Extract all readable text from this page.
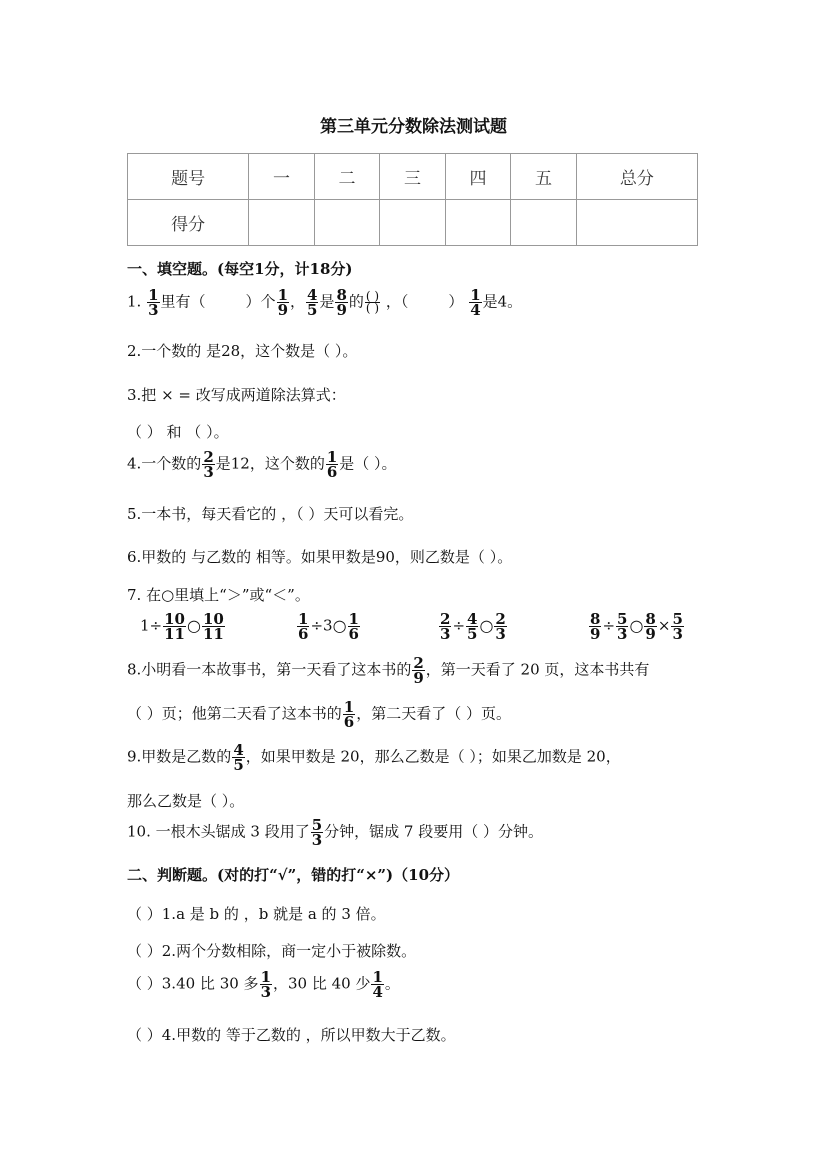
第三单元分数除法测试题
题号	一	二	三	四	五	总分
得分						
一、填空题。(每空1分，计18分)
1. $\frac{1}{3}$ 里有（	）个 $\frac{1}{9}$ ， $\frac{4}{5}$ 是 $\frac{8}{9}$ 的 $\frac{( )}{( )}$ ，（	） $\frac{1}{4}$ 是4。
2.一个数的 是28，这个数是（ ）。
3.把 × = 改写成两道除法算式：
（ ） 和 （ ）。
4.一个数的 $\frac{2}{3}$ 是12，这个数的 $\frac{1}{6}$ 是（ ）。
5.一本书，每天看它的 ，（ ）天可以看完。
6.甲数的 与乙数的 相等。如果甲数是90，则乙数是（ ）。
7. 在○里填上“＞”或“＜”。
$1\div \frac{10}{11}$ ○ $\frac{10}{11}$	$\frac{1}{6}$ ÷3○ $\frac{1}{6}$	$\frac{2}{3} \div \frac{4}{5}$ ○ $\frac{2}{3}$	$\frac{8}{9} \div \frac{5}{3}$ ○ $\frac{8}{9} \times \frac{5}{3}$
8.小明看一本故事书，第一天看了这本书的 $\frac{2}{9}$ ，第一天看了 20 页，这本书共有
（ ）页；他第二天看了这本书的 $\frac{1}{6}$ ，第二天看了（ ）页。
9.甲数是乙数的 $\frac{4}{5}$ ，如果甲数是 20，那么乙数是（ ）；如果乙加数是 20，
那么乙数是（ ）。
10. 一根木头锯成 3 段用了 $\frac{5}{3}$ 分钟，锯成 7 段要用（ ）分钟。
二、判断题。(对的打“√”，错的打“×”)（10分）
（ ）1.a 是 b 的 ，b 就是 a 的 3 倍。
（ ）2.两个分数相除，商一定小于被除数。
（ ）3.40 比 30 多 $\frac{1}{3}$ ，30 比 40 少 $\frac{1}{4}$ 。
（ ）4.甲数的 等于乙数的 ，所以甲数大于乙数。
